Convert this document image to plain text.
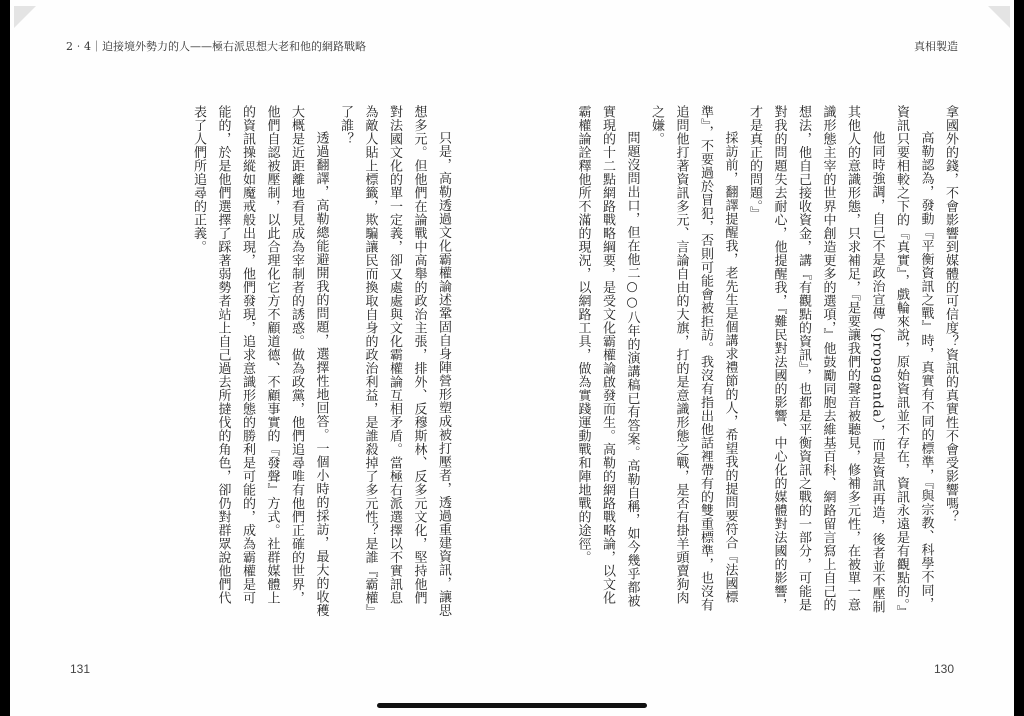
真相製造

拿國外的錢，不會影響到媒體的可信度？資訊的真實性不會受影響嗎？

高勒認為，發動『平衡資訊之戰』時，真實有不同的標準，『與宗教、科學不同，資訊只要相較之下的『真實』，戲輪來說，原始資訊並不存在，資訊永遠是有觀點的。』

他同時強調，自己不是政治宣傳（propaganda），而是資訊再造，後者並不壓制其他人的意識形態，只求補足，『是要讓我們的聲音被聽見，修補多元性，在被單一意識形態主宰的世界中創造更多的選項，』他鼓勵同胞去維基百科、網路留言寫上自己的想法，他自己接收資金，講『有觀點的資訊』，也都是平衡資訊之戰的一部分，可能是對我的問題失去耐心，他提醒我，『難民對法國的影響、中心化的媒體對法國的影響，才是真正的問題。』

採訪前，翻譯提醒我，老先生是個講求禮節的人，希望我的提問要符合『法國標準』，不要過於冒犯，否則可能會被拒訪。我沒有指出他話裡帶有的雙重標準，也沒有追問他打著資訊多元、言論自由的大旗，打的是意識形態之戰，是否有掛羊頭賣狗肉之嫌。

問題沒問出口，但在他二○○八年的演講稿已有答案。高勒自稱，如今幾乎都被實現的十二點網路戰略綱要，是受文化霸權論啟發而生。高勒的網路戰略論，以文化霸權論詮釋他所不滿的現況，以網路工具，做為實踐運動戰和陣地戰的途徑。

130
2‧4｜迫接境外勢力的人——極右派思想大老和他的網路戰略

只是，高勒透過文化霸權論述鞏固自身陣營形塑成被打壓者，透過重建資訊，讓思想多元。但他們在論戰中高舉的政治主張，排外、反穆斯林、反多元文化，堅持他們對法國文化的單一定義，卻又處處與文化霸權論互相矛盾。當極右派選擇以不實訊息為敵人貼上標籤，欺騙讓民而換取自身的政治利益，是誰殺掉了多元性？是誰『霸權』了誰？

透過翻譯，高勒總能避開我的問題，選擇性地回答。一個小時的採訪，最大的收穫大概是近距離地看見成為宰制者的誘惑。做為政黨，他們追尋唯有他們正確的世界，他們自認被壓制，以此合理化它方不顧道德、不顧事實的『發聲』方式。社群媒體上的資訊操縱如魔戒般出現，他們發現，追求意識形態的勝利是可能的，成為霸權是可能的，於是他們選擇了踩著弱勢者站上自己過去所撻伐的角色，卻仍對群眾說他們代表了人們所追尋的正義。

131
